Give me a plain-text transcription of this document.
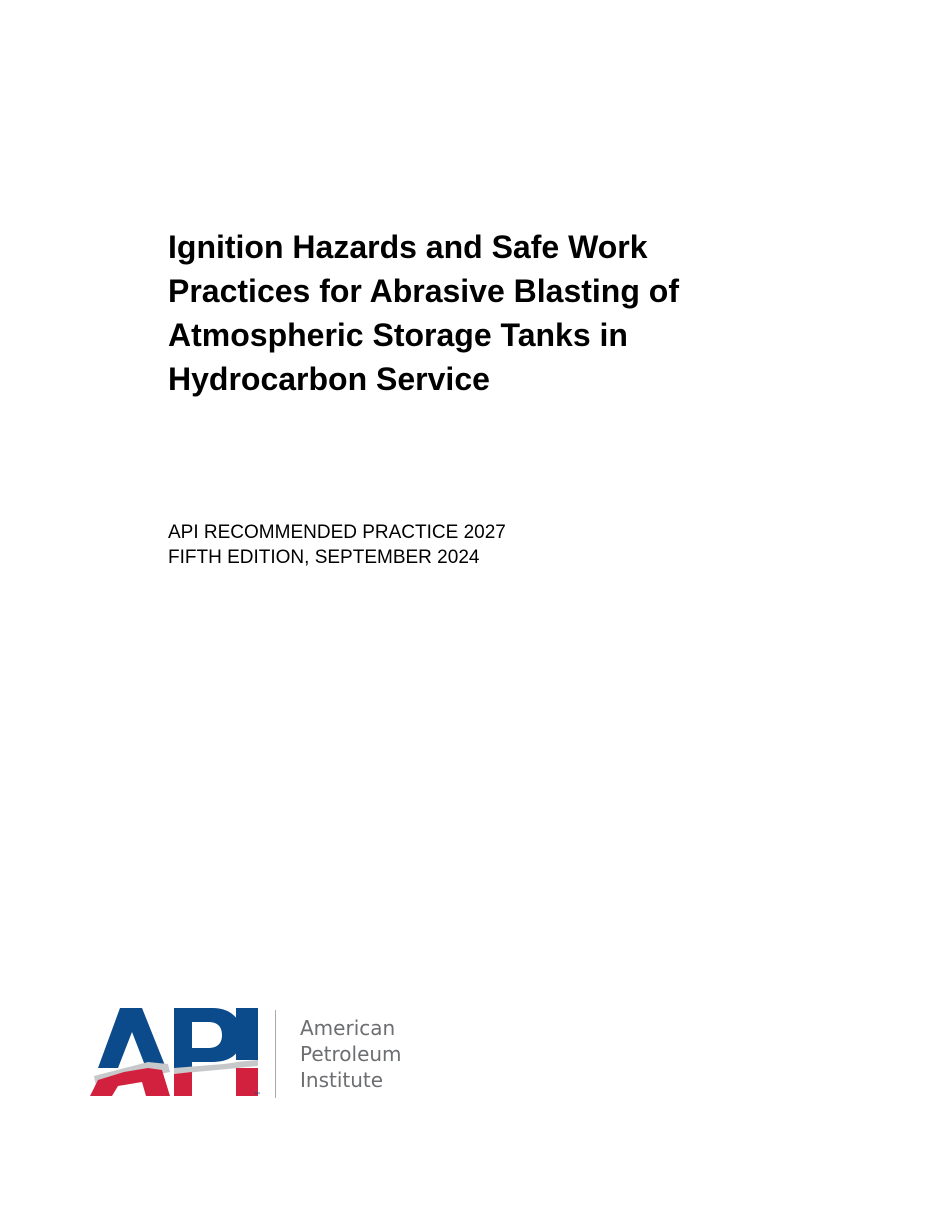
Ignition Hazards and Safe Work
Practices for Abrasive Blasting of
Atmospheric Storage Tanks in
Hydrocarbon Service
API RECOMMENDED PRACTICE 2027
FIFTH EDITION, SEPTEMBER 2024
™
American
Petroleum
Institute
